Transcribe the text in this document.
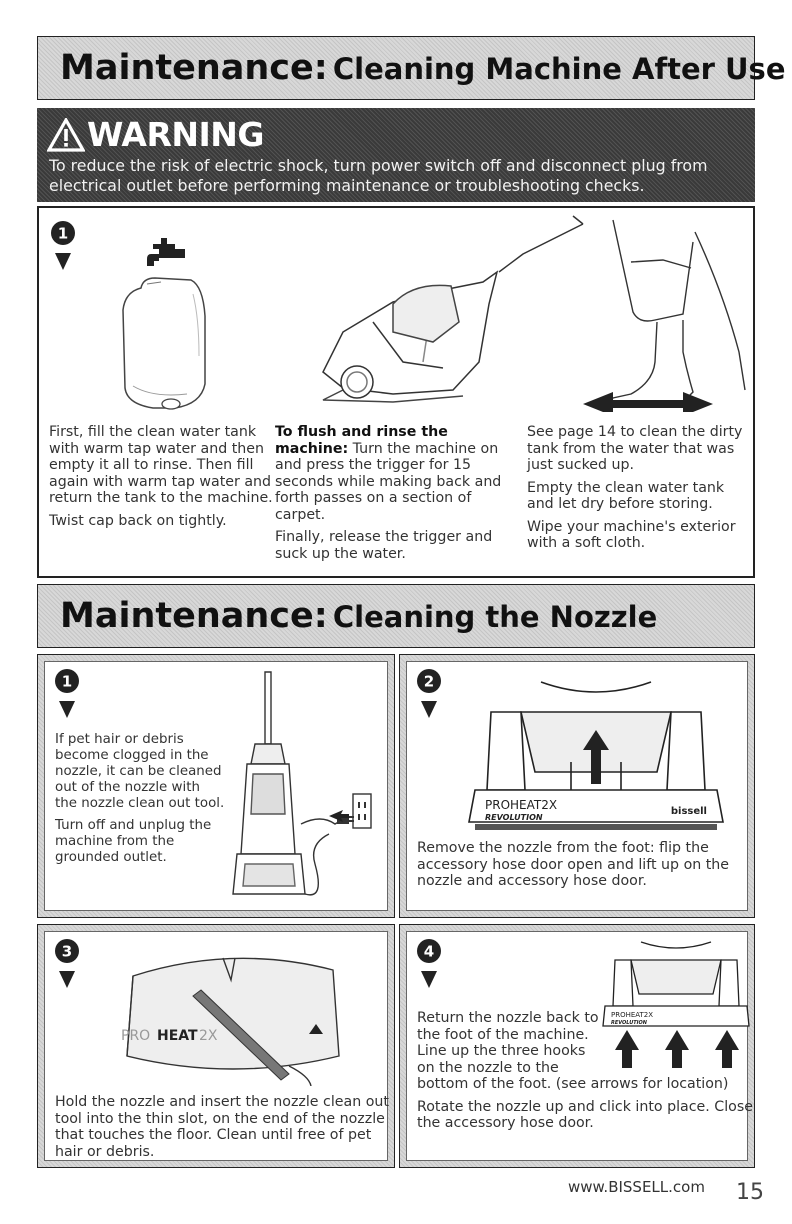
Maintenance: Cleaning Machine After Use
WARNING
To reduce the risk of electric shock, turn power switch off and disconnect plug from electrical outlet before performing maintenance or troubleshooting checks.
1

First, fill the clean water tank with warm tap water and then empty it all to rinse. Then fill again with warm tap water and return the tank to the machine.

Twist cap back on tightly.

To flush and rinse the machine: Turn the machine on and press the trigger for 15 seconds while making back and forth passes on a section of carpet.

Finally, release the trigger and suck up the water.

See page 14 to clean the dirty tank from the water that was just sucked up.

Empty the clean water tank and let dry before storing.

Wipe your machine's exterior with a soft cloth.

Maintenance: Cleaning the Nozzle
1

If pet hair or debris become clogged in the nozzle, it can be cleaned out of the nozzle with the nozzle clean out tool.

Turn off and unplug the machine from the grounded outlet.

2
PROHEAT2X
REVOLUTION
bissell
Remove the nozzle from the foot: flip the accessory hose door open and lift up on the nozzle and accessory hose door.
3
PRO HEAT 2X
Hold the nozzle and insert the nozzle clean out tool into the thin slot, on the end of the nozzle that touches the floor. Clean until free of pet hair or debris.
4
PROHEAT2X
REVOLUTION

Return the nozzle back to the foot of the machine. Line up the three hooks on the nozzle to the bottom of the foot. (see arrows for location)

Rotate the nozzle up and click into place. Close the accessory hose door.

www.BISSELL.com 15
